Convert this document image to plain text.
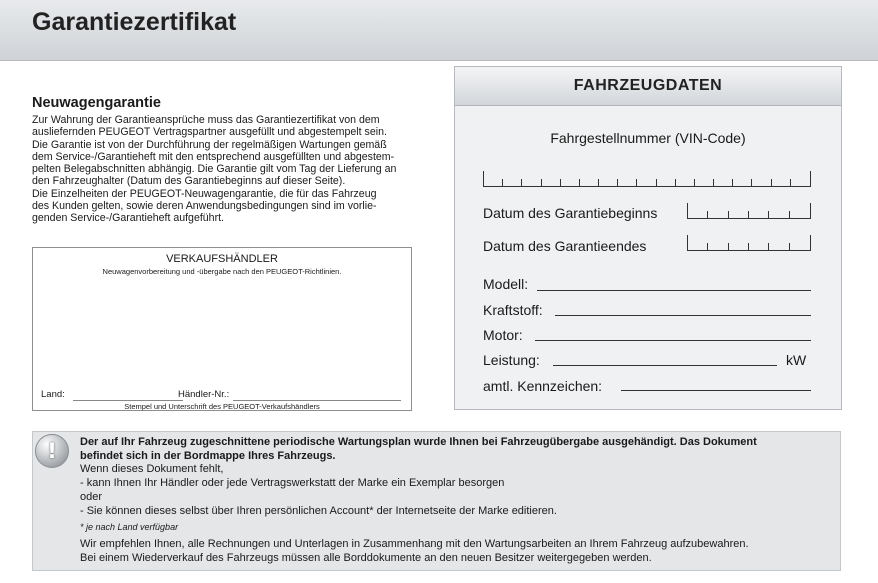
Garantiezertifikat
Neuwagengarantie

Zur Wahrung der Garantieansprüche muss das Garantiezertifikat von dem

ausliefernden PEUGEOT Vertragspartner ausgefüllt und abgestempelt sein.

Die Garantie ist von der Durchführung der regelmäßigen Wartungen gemäß

dem Service-/Garantieheft mit den entsprechend ausgefüllten und abgestem-

pelten Belegabschnitten abhängig. Die Garantie gilt vom Tag der Lieferung an

den Fahrzeughalter (Datum des Garantiebeginns auf dieser Seite).

Die Einzelheiten der PEUGEOT-Neuwagengarantie, die für das Fahrzeug

des Kunden gelten, sowie deren Anwendungsbedingungen sind im vorlie-

genden Service-/Garantieheft aufgeführt.

VERKAUFSHÄNDLER
Neuwagenvorbereitung und -übergabe nach den PEUGEOT-Richtlinien.
Land:	Händler-Nr.:
Stempel und Unterschrift des PEUGEOT-Verkaufshändlers
FAHRZEUGDATEN
Fahrgestellnummer (VIN-Code)
Datum des Garantiebeginns
Datum des Garantieendes
Modell:
Kraftstoff:
Motor:
Leistung:	kW
amtl. Kennzeichen:
!	Der auf Ihr Fahrzeug zugeschnittene periodische Wartungsplan wurde Ihnen bei Fahrzeugübergabe ausgehändigt. Das Dokument

befindet sich in der Bordmappe Ihres Fahrzeugs.

Wenn dieses Dokument fehlt,

- kann Ihnen Ihr Händler oder jede Vertragswerkstatt der Marke ein Exemplar besorgen

oder

- Sie können dieses selbst über Ihren persönlichen Account* der Internetseite der Marke editieren.

* je nach Land verfügbar

Wir empfehlen Ihnen, alle Rechnungen und Unterlagen in Zusammenhang mit den Wartungsarbeiten an Ihrem Fahrzeug aufzubewahren.

Bei einem Wiederverkauf des Fahrzeugs müssen alle Borddokumente an den neuen Besitzer weitergegeben werden.
